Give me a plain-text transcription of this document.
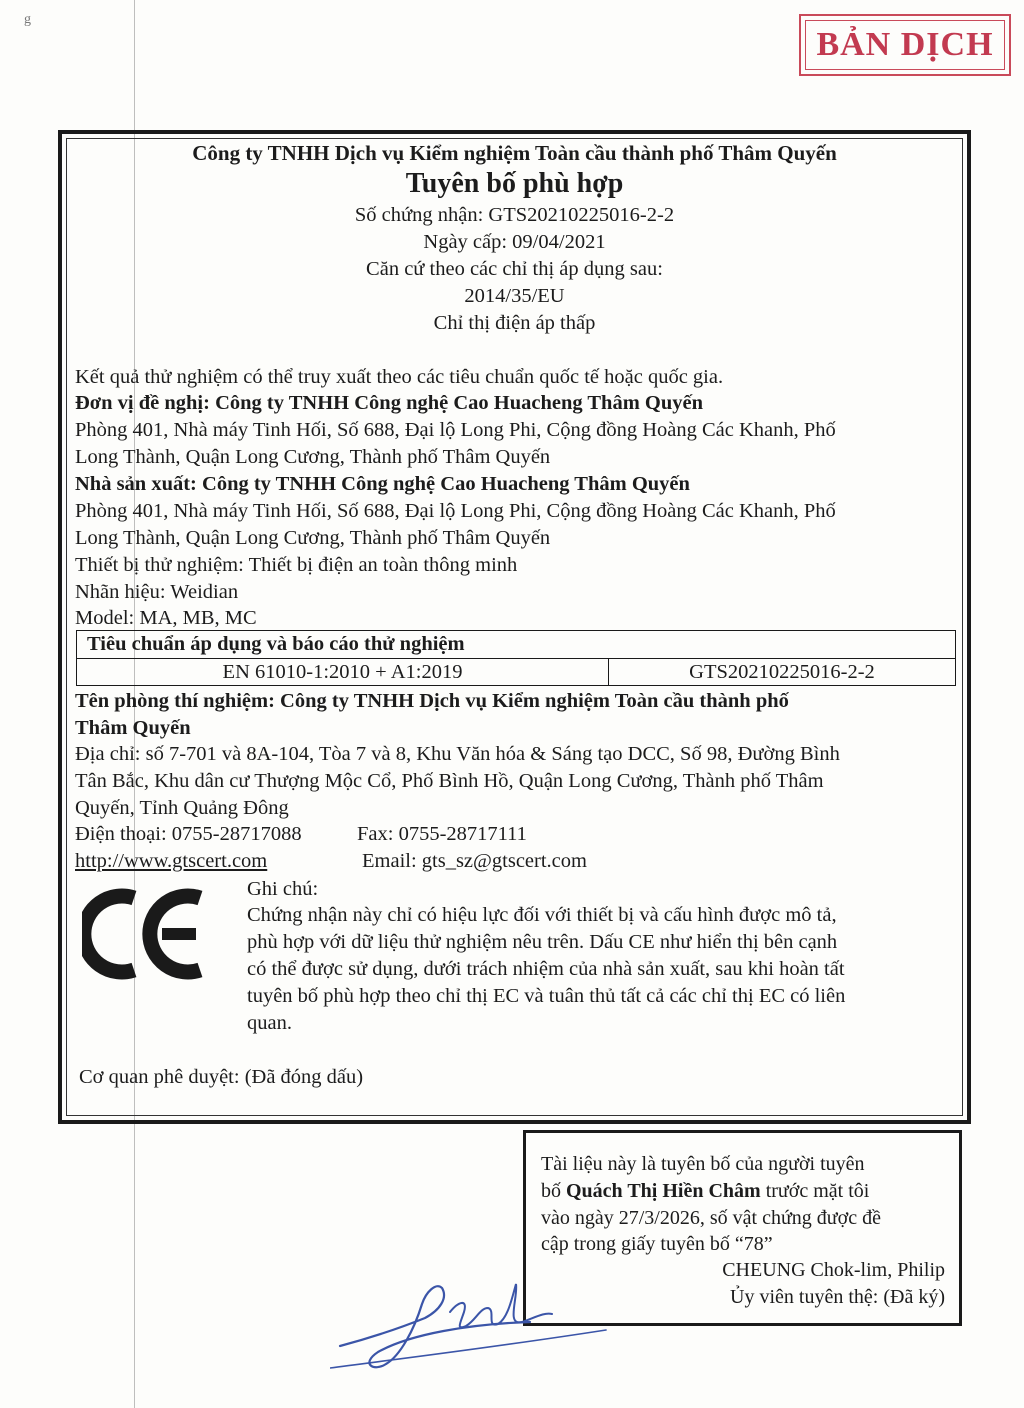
g
BẢN DỊCH
Công ty TNHH Dịch vụ Kiểm nghiệm Toàn cầu thành phố Thâm Quyến
Tuyên bố phù hợp
Số chứng nhận: GTS20210225016-2-2
Ngày cấp: 09/04/2021
Căn cứ theo các chỉ thị áp dụng sau:
2014/35/EU
Chỉ thị điện áp thấp
Kết quả thử nghiệm có thể truy xuất theo các tiêu chuẩn quốc tế hoặc quốc gia.
Đơn vị đề nghị: Công ty TNHH Công nghệ Cao Huacheng Thâm Quyến
Phòng 401, Nhà máy Tinh Hối, Số 688, Đại lộ Long Phi, Cộng đồng Hoàng Các Khanh, Phố
Long Thành, Quận Long Cương, Thành phố Thâm Quyến
Nhà sản xuất: Công ty TNHH Công nghệ Cao Huacheng Thâm Quyến
Phòng 401, Nhà máy Tinh Hối, Số 688, Đại lộ Long Phi, Cộng đồng Hoàng Các Khanh, Phố
Long Thành, Quận Long Cương, Thành phố Thâm Quyến
Thiết bị thử nghiệm: Thiết bị điện an toàn thông minh
Nhãn hiệu: Weidian
Model: MA, MB, MC
Tiêu chuẩn áp dụng và báo cáo thử nghiệm
EN 61010-1:2010 + A1:2019	GTS20210225016-2-2
Tên phòng thí nghiệm: Công ty TNHH Dịch vụ Kiểm nghiệm Toàn cầu thành phố
Thâm Quyến
Địa chỉ: số 7-701 và 8A-104, Tòa 7 và 8, Khu Văn hóa & Sáng tạo DCC, Số 98, Đường Bình
Tân Bắc, Khu dân cư Thượng Mộc Cổ, Phố Bình Hồ, Quận Long Cương, Thành phố Thâm
Quyến, Tỉnh Quảng Đông
Điện thoại: 0755-28717088	Fax: 0755-28717111
http://www.gtscert.com	Email: gts_sz@gtscert.com
Ghi chú:
Chứng nhận này chỉ có hiệu lực đối với thiết bị và cấu hình được mô tả,
phù hợp với dữ liệu thử nghiệm nêu trên. Dấu CE như hiển thị bên cạnh
có thể được sử dụng, dưới trách nhiệm của nhà sản xuất, sau khi hoàn tất
tuyên bố phù hợp theo chỉ thị EC và tuân thủ tất cả các chỉ thị EC có liên
quan.
Cơ quan phê duyệt: (Đã đóng dấu)
Tài liệu này là tuyên bố của người tuyên
bố Quách Thị Hiền Châm trước mặt tôi
vào ngày 27/3/2026, số vật chứng được đề
cập trong giấy tuyên bố “78”
CHEUNG Chok-lim, Philip
Ủy viên tuyên thệ: (Đã ký)
